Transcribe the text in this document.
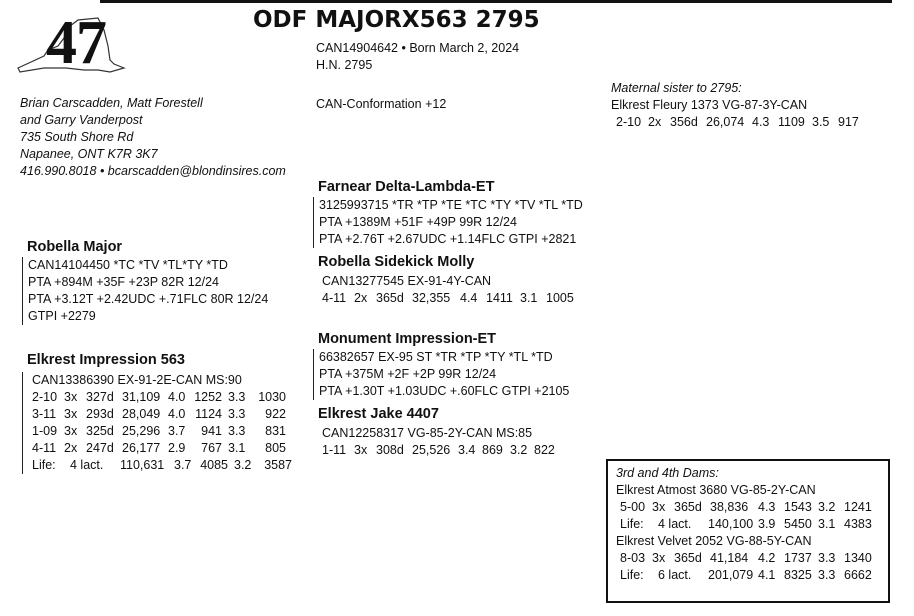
47	ODF MAJORX563 2795
CAN14904642 • Born March 2, 2024
H.N. 2795
CAN-Conformation +12
Brian Carscadden, Matt Forestell
and Garry Vanderpost
735 South Shore Rd
Napanee, ONT K7R 3K7
416.990.8018 • bcarscadden@blondinsires.com
Maternal sister to 2795:
Elkrest Fleury 1373 VG-87-3Y-CAN
2-10 2x 356d 26,074 4.3 1109 3.5 917
Farnear Delta-Lambda-ET
3125993715 *TR *TP *TE *TC *TY *TV *TL *TD
PTA +1389M +51F +49P 99R 12/24
PTA +2.76T +2.67UDC +1.14FLC GTPI +2821
Robella Sidekick Molly
CAN13277545 EX-91-4Y-CAN
4-11 2x 365d 32,355 4.4 1411 3.1 1005
Robella Major
CAN14104450 *TC *TV *TL*TY *TD
PTA +894M +35F +23P 82R 12/24
PTA +3.12T +2.42UDC +.71FLC 80R 12/24
GTPI +2279
Monument Impression-ET
66382657 EX-95 ST *TR *TP *TY *TL *TD
PTA +375M +2F +2P 99R 12/24
PTA +1.30T +1.03UDC +.60FLC GTPI +2105
Elkrest Jake 4407
CAN12258317 VG-85-2Y-CAN MS:85
1-11 3x 308d 25,526 3.4 869 3.2 822
Elkrest Impression 563
CAN13386390 EX-91-2E-CAN MS:90
2-10 3x 327d 31,109 4.0 1252 3.3 1030
3-11 3x 293d 28,049 4.0 1124 3.3 922
1-09 3x 325d 25,296 3.7 941 3.3 831
4-11 2x 247d 26,177 2.9 767 3.1 805
Life: 4 lact. 110,631 3.7 4085 3.2 3587
3rd and 4th Dams:
Elkrest Atmost 3680 VG-85-2Y-CAN
5-00 3x 365d 38,836 4.3 1543 3.2 1241
Life: 4 lact. 140,100 3.9 5450 3.1 4383
Elkrest Velvet 2052 VG-88-5Y-CAN
8-03 3x 365d 41,184 4.2 1737 3.3 1340
Life: 6 lact. 201,079 4.1 8325 3.3 6662
